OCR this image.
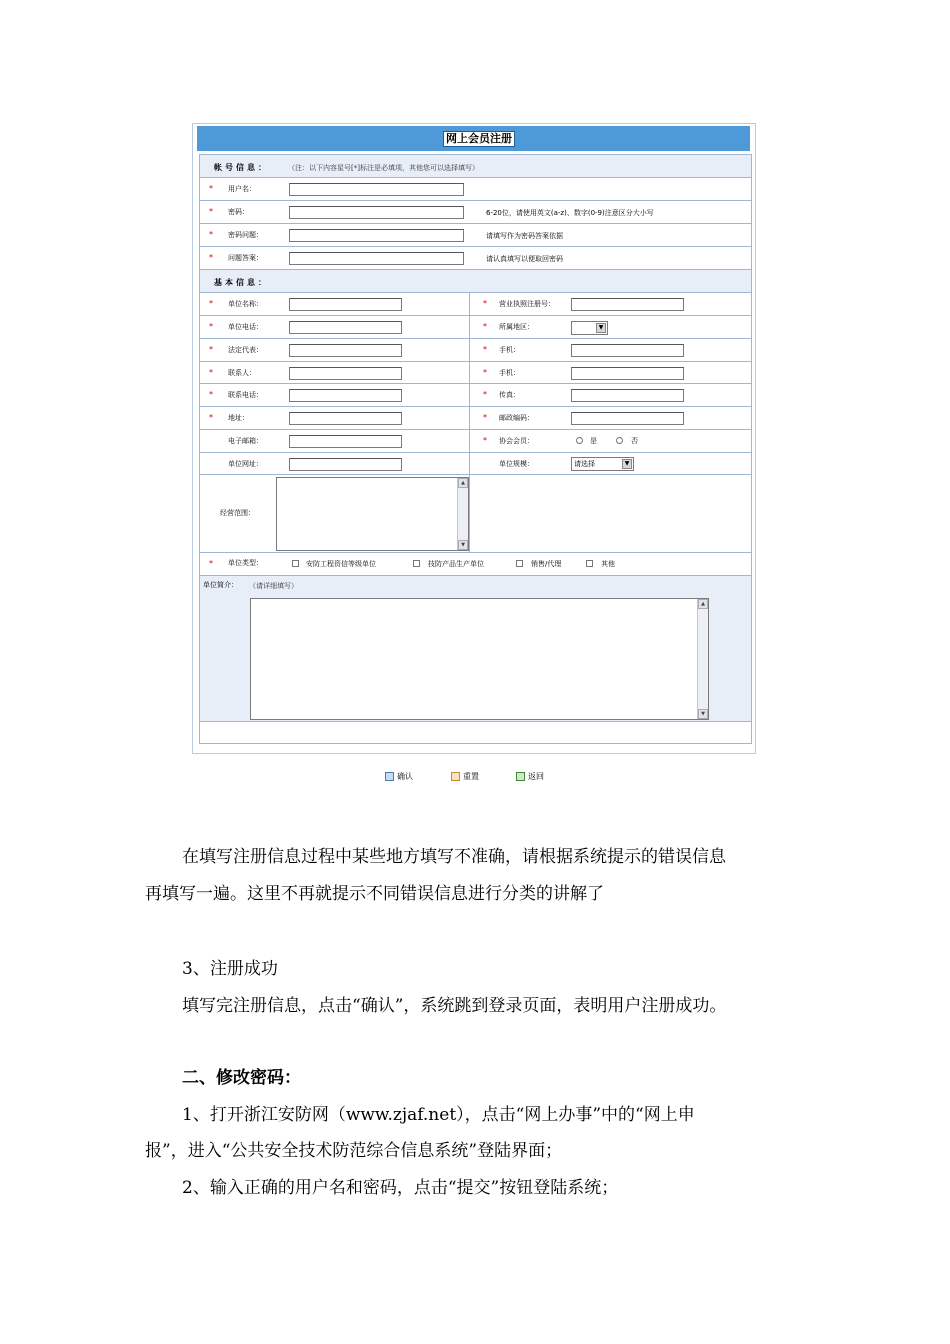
网上会员注册
帐号信息：	（注：以下内容星号[*]标注是必填项，其他您可以选择填写）
* 用户名：
* 密码：	6-20位，请使用英文(a-z)、数字(0-9)注意区分大小写
* 密码问题：	请填写作为密码答案依据
* 问题答案：	请认真填写以便取回密码
基本信息：
* 单位名称：	* 营业执照注册号：
* 单位电话：	* 所属地区：	▼
* 法定代表：	* 手机：
* 联系人：	* 手机：
* 联系电话：	* 传真：
* 地址：	* 邮政编码：
电子邮箱：	* 协会会员：	是	否
单位网址：	单位规模：	请选择	▼
经营范围：
▲
▼
* 单位类型：	安防工程资信等级单位	技防产品生产单位	销售/代理	其他
单位简介： （请详细填写）
▲
▼
确认	重置	返回
在填写注册信息过程中某些地方填写不准确，请根据系统提示的错误信息
再填写一遍。这里不再就提示不同错误信息进行分类的讲解了
3、注册成功
填写完注册信息，点击“确认”，系统跳到登录页面，表明用户注册成功。
二、修改密码：
1、打开浙江安防网（www.zjaf.net），点击“网上办事”中的“网上申
报”，进入“公共安全技术防范综合信息系统”登陆界面；
2、输入正确的用户名和密码，点击“提交”按钮登陆系统；
